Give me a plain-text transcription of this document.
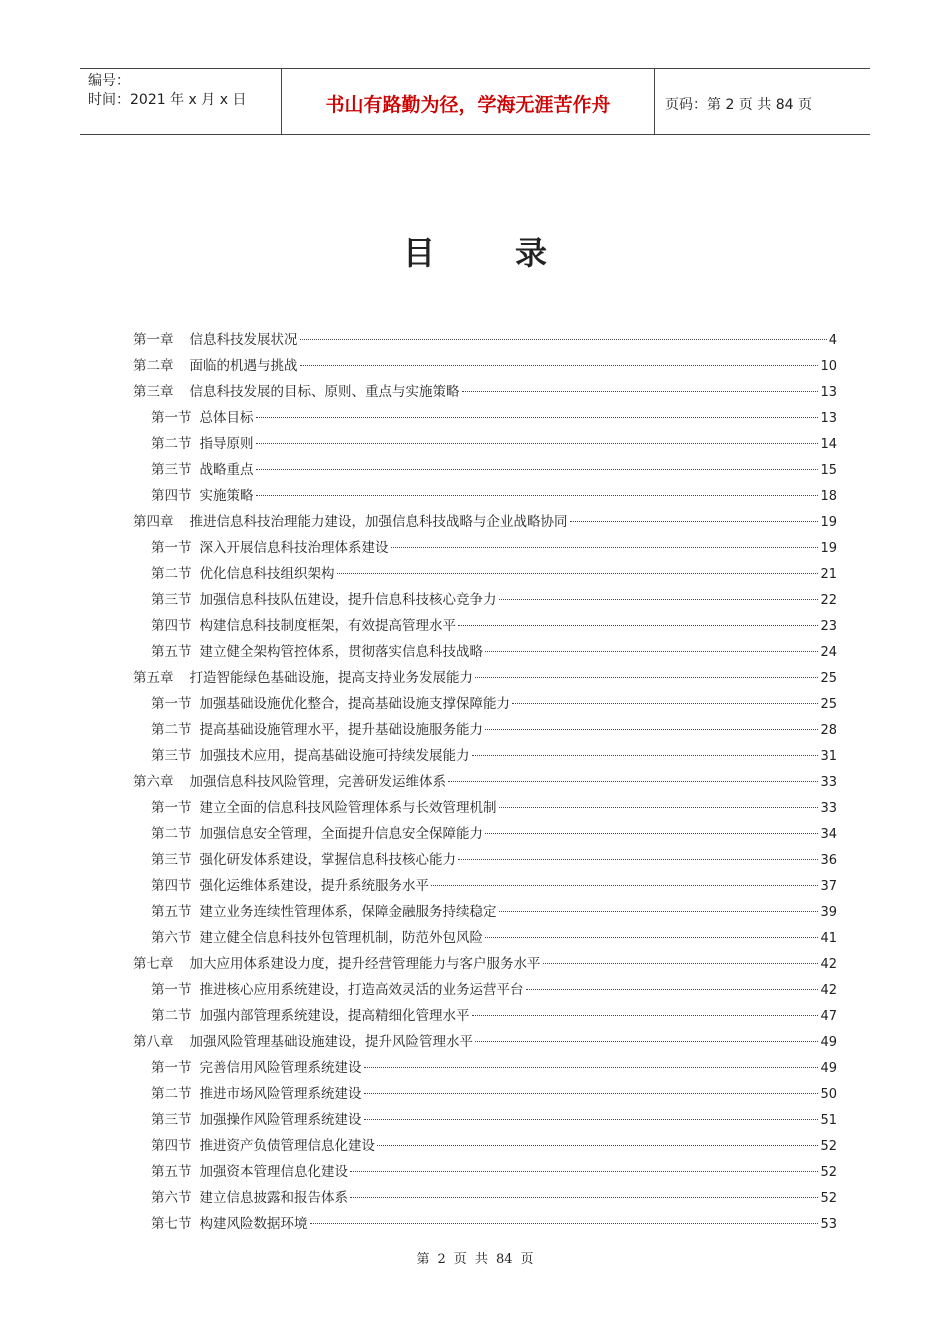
编号：
时间：2021 年 x 月 x 日	书山有路勤为径，学海无涯苦作舟	页码：第 2 页 共 84 页
目录
第一章 信息科技发展状况	4
第二章 面临的机遇与挑战	10
第三章 信息科技发展的目标、原则、重点与实施策略	13
第一节 总体目标	13
第二节 指导原则	14
第三节 战略重点	15
第四节 实施策略	18
第四章 推进信息科技治理能力建设，加强信息科技战略与企业战略协同	19
第一节 深入开展信息科技治理体系建设	19
第二节 优化信息科技组织架构	21
第三节 加强信息科技队伍建设，提升信息科技核心竞争力	22
第四节 构建信息科技制度框架，有效提高管理水平	23
第五节 建立健全架构管控体系，贯彻落实信息科技战略	24
第五章 打造智能绿色基础设施，提高支持业务发展能力	25
第一节 加强基础设施优化整合，提高基础设施支撑保障能力	25
第二节 提高基础设施管理水平，提升基础设施服务能力	28
第三节 加强技术应用，提高基础设施可持续发展能力	31
第六章 加强信息科技风险管理，完善研发运维体系	33
第一节 建立全面的信息科技风险管理体系与长效管理机制	33
第二节 加强信息安全管理，全面提升信息安全保障能力	34
第三节 强化研发体系建设，掌握信息科技核心能力	36
第四节 强化运维体系建设，提升系统服务水平	37
第五节 建立业务连续性管理体系，保障金融服务持续稳定	39
第六节 建立健全信息科技外包管理机制，防范外包风险	41
第七章 加大应用体系建设力度，提升经营管理能力与客户服务水平	42
第一节 推进核心应用系统建设，打造高效灵活的业务运营平台	42
第二节 加强内部管理系统建设，提高精细化管理水平	47
第八章 加强风险管理基础设施建设，提升风险管理水平	49
第一节 完善信用风险管理系统建设	49
第二节 推进市场风险管理系统建设	50
第三节 加强操作风险管理系统建设	51
第四节 推进资产负债管理信息化建设	52
第五节 加强资本管理信息化建设	52
第六节 建立信息披露和报告体系	52
第七节 构建风险数据环境	53
第 2 页 共 84 页
